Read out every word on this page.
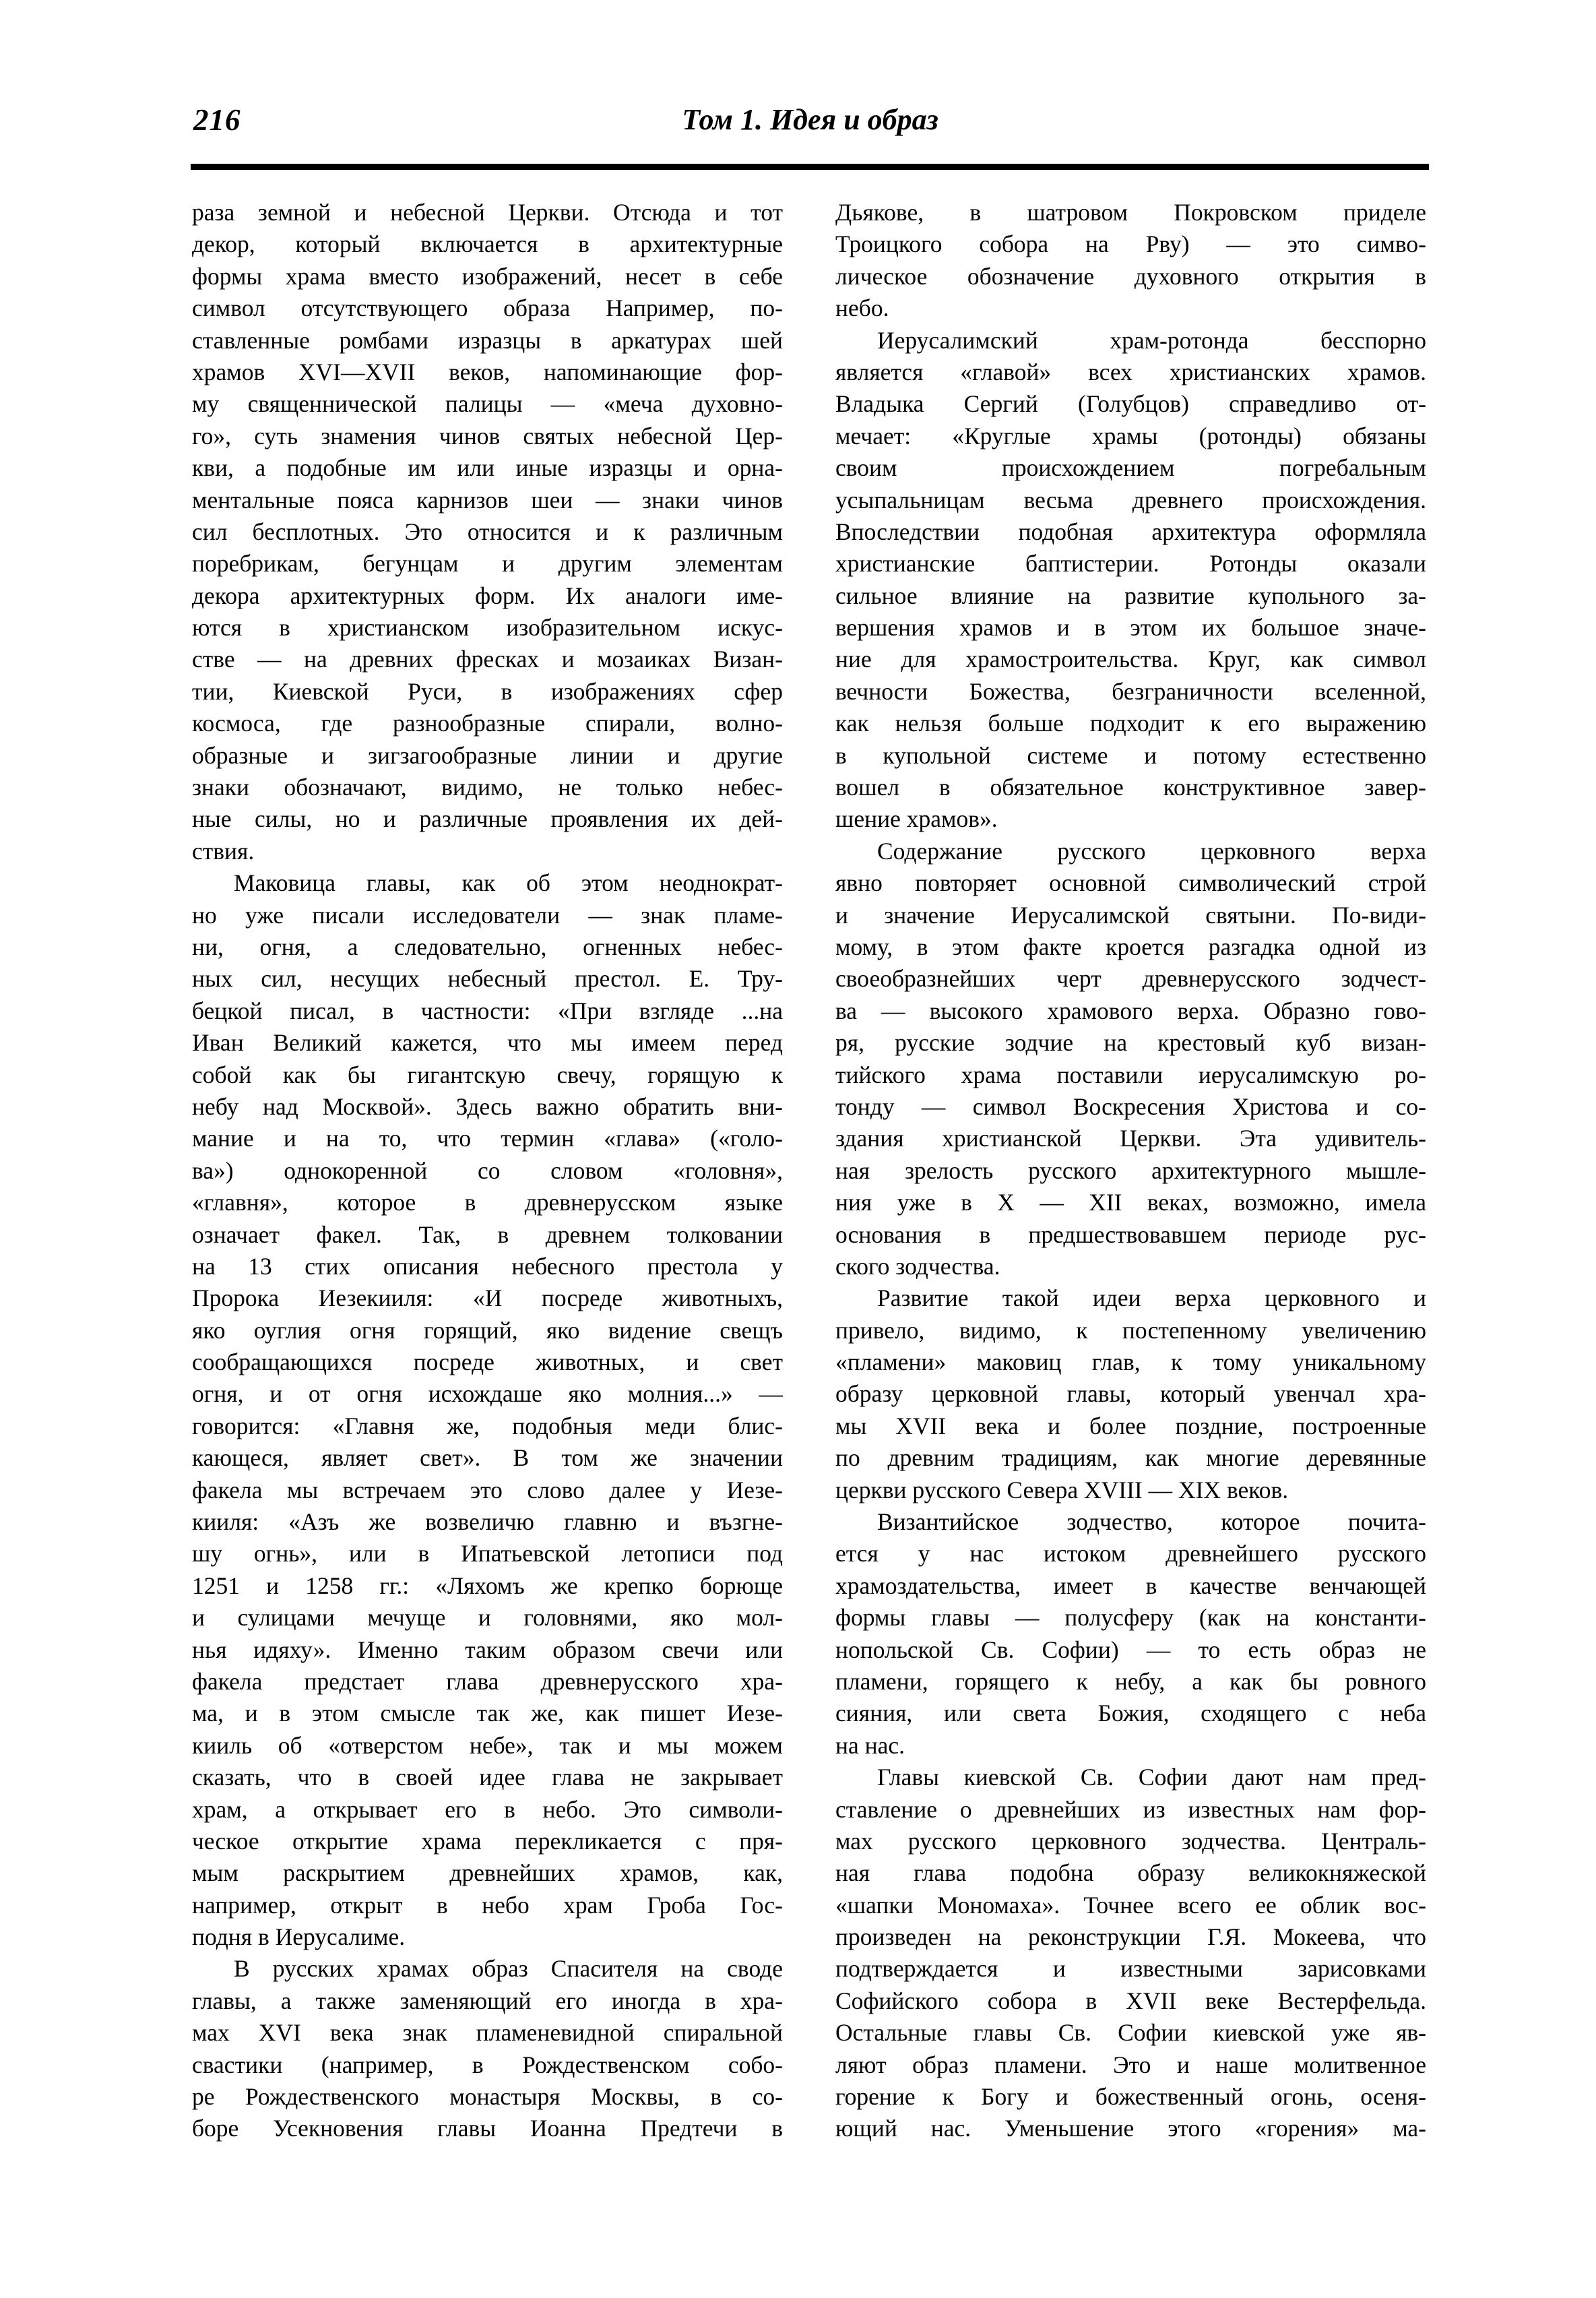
216	Том 1. Идея и образ
раза земной и небесной Церкви. Отсюда и тот
декор, который включается в архитектурные
формы храма вместо изображений, несет в себе
символ отсутствующего образа Например, по-
ставленные ромбами изразцы в аркатурах шей
храмов XVI—XVII веков, напоминающие фор-
му священнической палицы — «меча духовно-
го», суть знамения чинов святых небесной Цер-
кви, а подобные им или иные изразцы и орна-
ментальные пояса карнизов шеи — знаки чинов
сил бесплотных. Это относится и к различным
поребрикам, бегунцам и другим элементам
декора архитектурных форм. Их аналоги име-
ются в христианском изобразительном искус-
стве — на древних фресках и мозаиках Визан-
тии, Киевской Руси, в изображениях сфер
космоса, где разнообразные спирали, волно-
образные и зигзагообразные линии и другие
знаки обозначают, видимо, не только небес-
ные силы, но и различные проявления их дей-
ствия.
Маковица главы, как об этом неоднократ-
но уже писали исследователи — знак пламе-
ни, огня, а следовательно, огненных небес-
ных сил, несущих небесный престол. Е. Тру-
бецкой писал, в частности: «При взгляде ...на
Иван Великий кажется, что мы имеем перед
собой как бы гигантскую свечу, горящую к
небу над Москвой». Здесь важно обратить вни-
мание и на то, что термин «глава» («голо-
ва») однокоренной со словом «головня»,
«главня», которое в древнерусском языке
означает факел. Так, в древнем толковании
на 13 стих описания небесного престола у
Пророка Иезекииля: «И посреде животныхъ,
яко оуглия огня горящий, яко видение свещъ
сообращающихся посреде животных, и свет
огня, и от огня исхождаше яко молния...» —
говорится: «Главня же, подобныя меди блис-
кающеся, являет свет». В том же значении
факела мы встречаем это слово далее у Иезе-
кииля: «Азъ же возвеличю главню и възгне-
шу огнь», или в Ипатьевской летописи под
1251 и 1258 гг.: «Ляхомъ же крепко борюще
и сулицами мечуще и головнями, яко мол-
нья идяху». Именно таким образом свечи или
факела предстает глава древнерусского хра-
ма, и в этом смысле так же, как пишет Иезе-
кииль об «отверстом небе», так и мы можем
сказать, что в своей идее глава не закрывает
храм, а открывает его в небо. Это символи-
ческое открытие храма перекликается с пря-
мым раскрытием древнейших храмов, как,
например, открыт в небо храм Гроба Гос-
подня в Иерусалиме.
В русских храмах образ Спасителя на своде
главы, а также заменяющий его иногда в хра-
мах XVI века знак пламеневидной спиральной
свастики (например, в Рождественском собо-
ре Рождественского монастыря Москвы, в со-
боре Усекновения главы Иоанна Предтечи в
Дьякове, в шатровом Покровском приделе
Троицкого собора на Рву) — это симво-
лическое обозначение духовного открытия в
небо.
Иерусалимский храм-ротонда бесспорно
является «главой» всех христианских храмов.
Владыка Сергий (Голубцов) справедливо от-
мечает: «Круглые храмы (ротонды) обязаны
своим происхождением погребальным
усыпальницам весьма древнего происхождения.
Впоследствии подобная архитектура оформляла
христианские баптистерии. Ротонды оказали
сильное влияние на развитие купольного за-
вершения храмов и в этом их большое значе-
ние для храмостроительства. Круг, как символ
вечности Божества, безграничности вселенной,
как нельзя больше подходит к его выражению
в купольной системе и потому естественно
вошел в обязательное конструктивное завер-
шение храмов».
Содержание русского церковного верха
явно повторяет основной символический строй
и значение Иерусалимской святыни. По-види-
мому, в этом факте кроется разгадка одной из
своеобразнейших черт древнерусского зодчест-
ва — высокого храмового верха. Образно гово-
ря, русские зодчие на крестовый куб визан-
тийского храма поставили иерусалимскую ро-
тонду — символ Воскресения Христова и со-
здания христианской Церкви. Эта удивитель-
ная зрелость русского архитектурного мышле-
ния уже в X — XII веках, возможно, имела
основания в предшествовавшем периоде рус-
ского зодчества.
Развитие такой идеи верха церковного и
привело, видимо, к постепенному увеличению
«пламени» маковиц глав, к тому уникальному
образу церковной главы, который увенчал хра-
мы XVII века и более поздние, построенные
по древним традициям, как многие деревянные
церкви русского Севера XVIII — XIX веков.
Византийское зодчество, которое почита-
ется у нас истоком древнейшего русского
храмоздательства, имеет в качестве венчающей
формы главы — полусферу (как на константи-
нопольской Св. Софии) — то есть образ не
пламени, горящего к небу, а как бы ровного
сияния, или света Божия, сходящего с неба
на нас.
Главы киевской Св. Софии дают нам пред-
ставление о древнейших из известных нам фор-
мах русского церковного зодчества. Централь-
ная глава подобна образу великокняжеской
«шапки Мономаха». Точнее всего ее облик вос-
произведен на реконструкции Г.Я. Мокеева, что
подтверждается и известными зарисовками
Софийского собора в XVII веке Вестерфельда.
Остальные главы Св. Софии киевской уже яв-
ляют образ пламени. Это и наше молитвенное
горение к Богу и божественный огонь, осеня-
ющий нас. Уменьшение этого «горения» ма-
